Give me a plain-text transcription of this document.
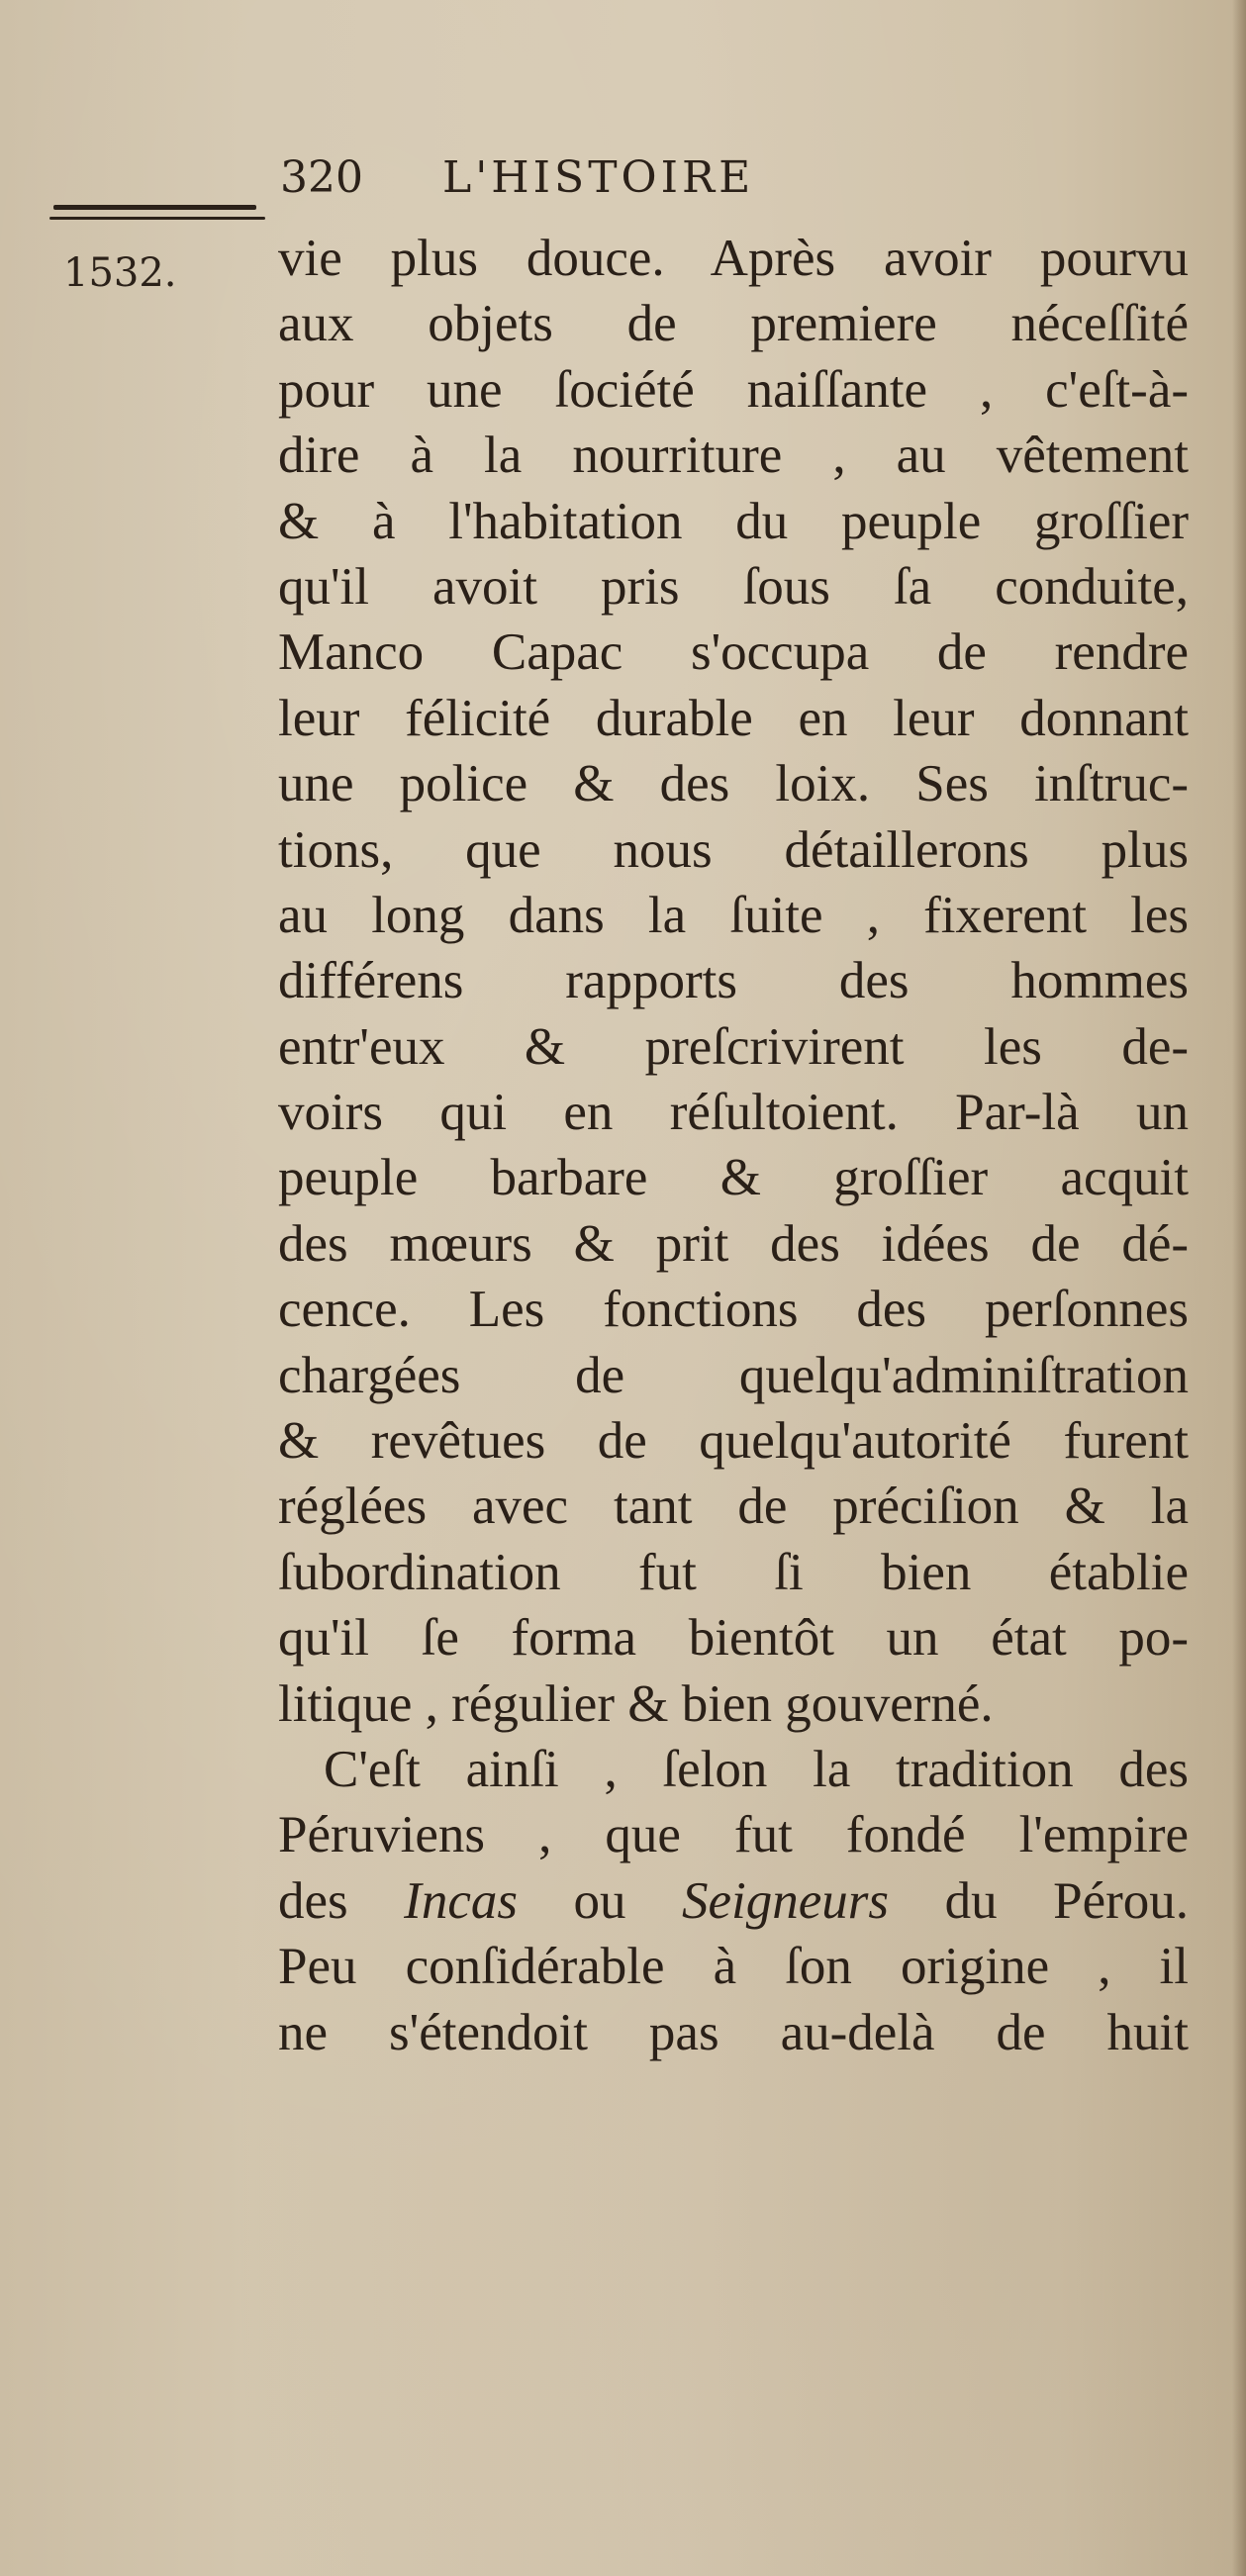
320 L'HISTOIRE
1532. vie plus douce. Après avoir pourvu
aux objets de premiere néceſſité
pour une ſociété naiſſante , c'eſt-à-
dire à la nourriture , au vêtement
& à l'habitation du peuple groſſier
qu'il avoit pris ſous ſa conduite,
Manco Capac s'occupa de rendre
leur félicité durable en leur donnant
une police & des loix. Ses inſtruc-
tions, que nous détaillerons plus
au long dans la ſuite , fixerent les
différens rapports des hommes
entr'eux & preſcrivirent les de-
voirs qui en réſultoient. Par-là un
peuple barbare & groſſier acquit
des mœurs & prit des idées de dé-
cence. Les fonctions des perſonnes
chargées de quelqu'adminiſtration
& revêtues de quelqu'autorité furent
réglées avec tant de préciſion & la
ſubordination fut ſi bien établie
qu'il ſe forma bientôt un état po-
litique , régulier & bien gouverné.
C'eſt ainſi , ſelon la tradition des
Péruviens , que fut fondé l'empire
des Incas ou Seigneurs du Pérou.
Peu conſidérable à ſon origine , il
ne s'étendoit pas au-delà de huit
